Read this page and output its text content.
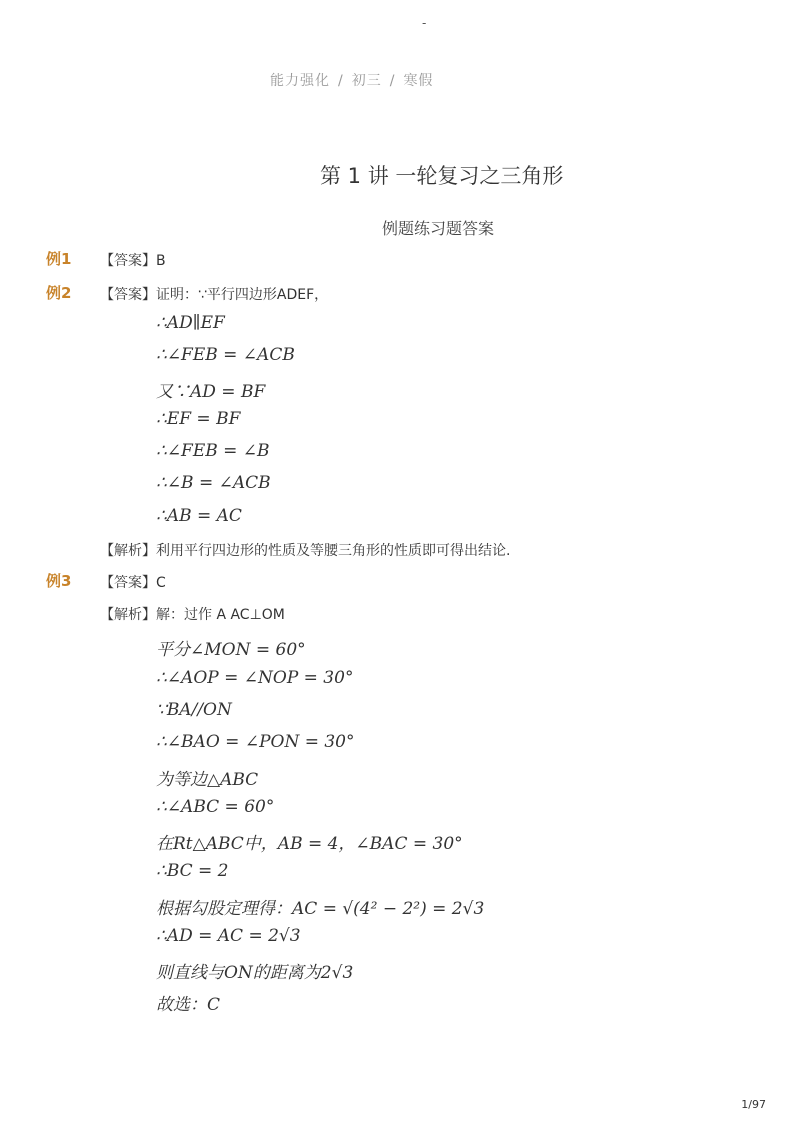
-
能力强化 / 初三 / 寒假
第 1 讲 一轮复习之三角形
例题练习题答案
例1 【答案】B
例2 【答案】证明：∵平行四边形ADEF，
∴AD∥EF
∴∠FEB = ∠ACB
又∵AD = BF
∴EF = BF
∴∠FEB = ∠B
∴∠B = ∠ACB
∴AB = AC
【解析】利用平行四边形的性质及等腰三角形的性质即可得出结论.
例3 【答案】C
【解析】解：过作 A AC⊥OM
平分∠MON = 60°
∴∠AOP = ∠NOP = 30°
∵BA//ON
∴∠BAO = ∠PON = 30°
为等边△ABC
∴∠ABC = 60°
在Rt△ABC中，AB = 4，∠BAC = 30°
∴BC = 2
根据勾股定理得：AC = √(4² − 2²) = 2√3
∴AD = AC = 2√3
则直线与ON的距离为2√3
故选：C
1/97
